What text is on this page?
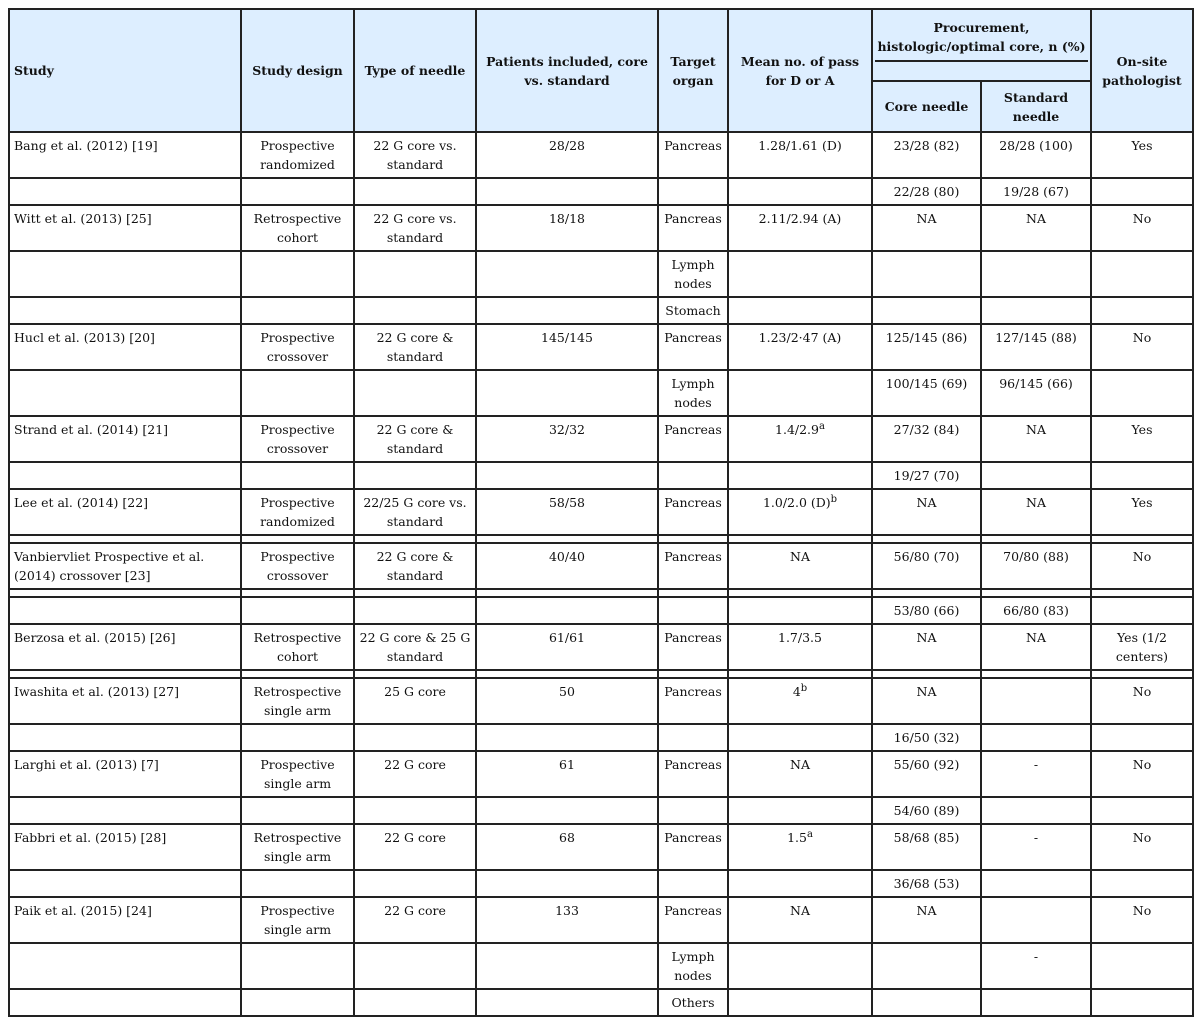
Study	Study design	Type of needle	Patients included, core vs. standard	Target organ	Mean no. of pass for D or A	Procurement, histologic/optimal core, n (%)		On-site pathologist
						Core needle	Standard needle	
Bang et al. (2012) [19]	Prospective randomized	22 G core vs. standard	28/28	Pancreas	1.28/1.61 (D)	23/28 (82)	28/28 (100)	Yes
						22/28 (80)	19/28 (67)	
Witt et al. (2013) [25]	Retrospective cohort	22 G core vs. standard	18/18	Pancreas	2.11/2.94 (A)	NA	NA	No
				Lymph nodes				
				Stomach				
Hucl et al. (2013) [20]	Prospective crossover	22 G core & standard	145/145	Pancreas	1.23/2·47 (A)	125/145 (86)	127/145 (88)	No
				Lymph nodes		100/145 (69)	96/145 (66)	
Strand et al. (2014) [21]	Prospective crossover	22 G core & standard	32/32	Pancreas	1.4/2.9$^a$	27/32 (84)	NA	Yes
						19/27 (70)		
Lee et al. (2014) [22]	Prospective randomized	22/25 G core vs. standard	58/58	Pancreas	1.0/2.0 $(D)^b$	NA	NA	Yes

Vanbiervliet Prospective et al. (2014) crossover [23]	Prospective crossover	22 G core & standard	40/40	Pancreas	NA	56/80 (70)	70/80 (88)	No

						53/80 (66)	66/80 (83)	
Berzosa et al. (2015) [26]	Retrospective cohort	22 G core & 25 G standard	61/61	Pancreas	1.7/3.5	NA	NA	Yes (1/2 centers)

Iwashita et al. (2013) [27]	Retrospective single arm	25 G core	50	Pancreas	4$^b$	NA		No
						16/50 (32)		
Larghi et al. (2013) [7]	Prospective single arm	22 G core	61	Pancreas	NA	55/60 (92)	-	No
						54/60 (89)		
Fabbri et al. (2015) [28]	Retrospective single arm	22 G core	68	Pancreas	1.5$^a$	58/68 (85)	-	No
						36/68 (53)		
Paik et al. (2015) [24]	Prospective single arm	22 G core	133	Pancreas	NA	NA		No
				Lymph nodes			-	
				Others				
